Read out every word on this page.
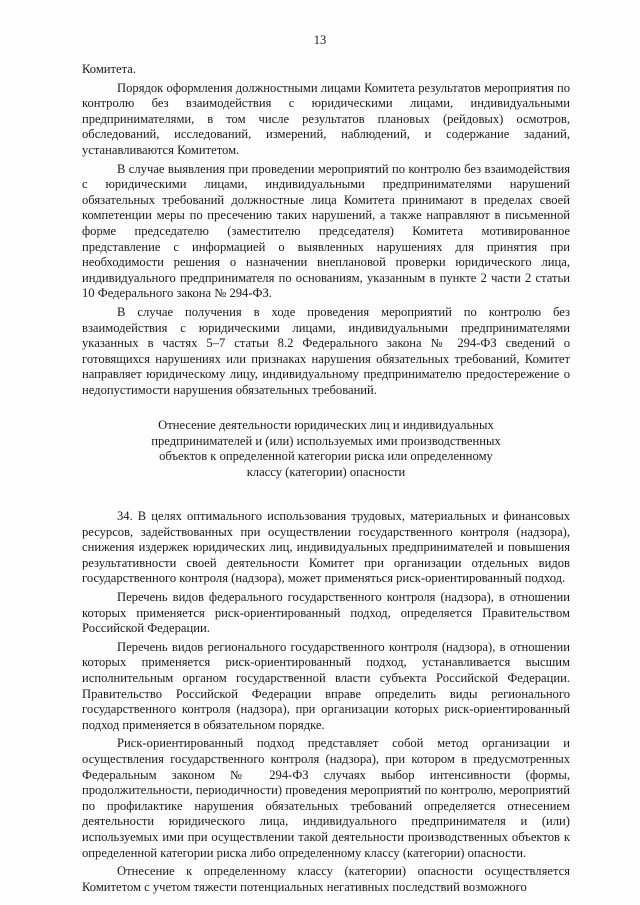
13

Комитета.

Порядок оформления должностными лицами Комитета результатов мероприятия по контролю без взаимодействия с юридическими лицами, индивидуальными предпринимателями, в том числе результатов плановых (рейдовых) осмотров, обследований, исследований, измерений, наблюдений, и содержание заданий, устанавливаются Комитетом.

В случае выявления при проведении мероприятий по контролю без взаимодействия с юридическими лицами, индивидуальными предпринимателями нарушений обязательных требований должностные лица Комитета принимают в пределах своей компетенции меры по пресечению таких нарушений, а также направляют в письменной форме председателю (заместителю председателя) Комитета мотивированное представление с информацией о выявленных нарушениях для принятия при необходимости решения о назначении внеплановой проверки юридического лица, индивидуального предпринимателя по основаниям, указанным в пункте 2 части 2 статьи 10 Федерального закона № 294-ФЗ.

В случае получения в ходе проведения мероприятий по контролю без взаимодействия с юридическими лицами, индивидуальными предпринимателями указанных в частях 5–7 статьи 8.2 Федерального закона № 294-ФЗ сведений о готовящихся нарушениях или признаках нарушения обязательных требований, Комитет направляет юридическому лицу, индивидуальному предпринимателю предостережение о недопустимости нарушения обязательных требований.

Отнесение деятельности юридических лиц и индивидуальных
предпринимателей и (или) используемых ими производственных
объектов к определенной категории риска или определенному
классу (категории) опасности

34. В целях оптимального использования трудовых, материальных и финансовых ресурсов, задействованных при осуществлении государственного контроля (надзора), снижения издержек юридических лиц, индивидуальных предпринимателей и повышения результативности своей деятельности Комитет при организации отдельных видов государственного контроля (надзора), может применяться риск-ориентированный подход.

Перечень видов федерального государственного контроля (надзора), в отношении которых применяется риск-ориентированный подход, определяется Правительством Российской Федерации.

Перечень видов регионального государственного контроля (надзора), в отношении которых применяется риск-ориентированный подход, устанавливается высшим исполнительным органом государственной власти субъекта Российской Федерации. Правительство Российской Федерации вправе определить виды регионального государственного контроля (надзора), при организации которых риск-ориентированный подход применяется в обязательном порядке.

Риск-ориентированный подход представляет собой метод организации и осуществления государственного контроля (надзора), при котором в предусмотренных Федеральным законом № 294-ФЗ случаях выбор интенсивности (формы, продолжительности, периодичности) проведения мероприятий по контролю, мероприятий по профилактике нарушения обязательных требований определяется отнесением деятельности юридического лица, индивидуального предпринимателя и (или) используемых ими при осуществлении такой деятельности производственных объектов к определенной категории риска либо определенному классу (категории) опасности.

Отнесение к определенному классу (категории) опасности осуществляется Комитетом с учетом тяжести потенциальных негативных последствий возможного
